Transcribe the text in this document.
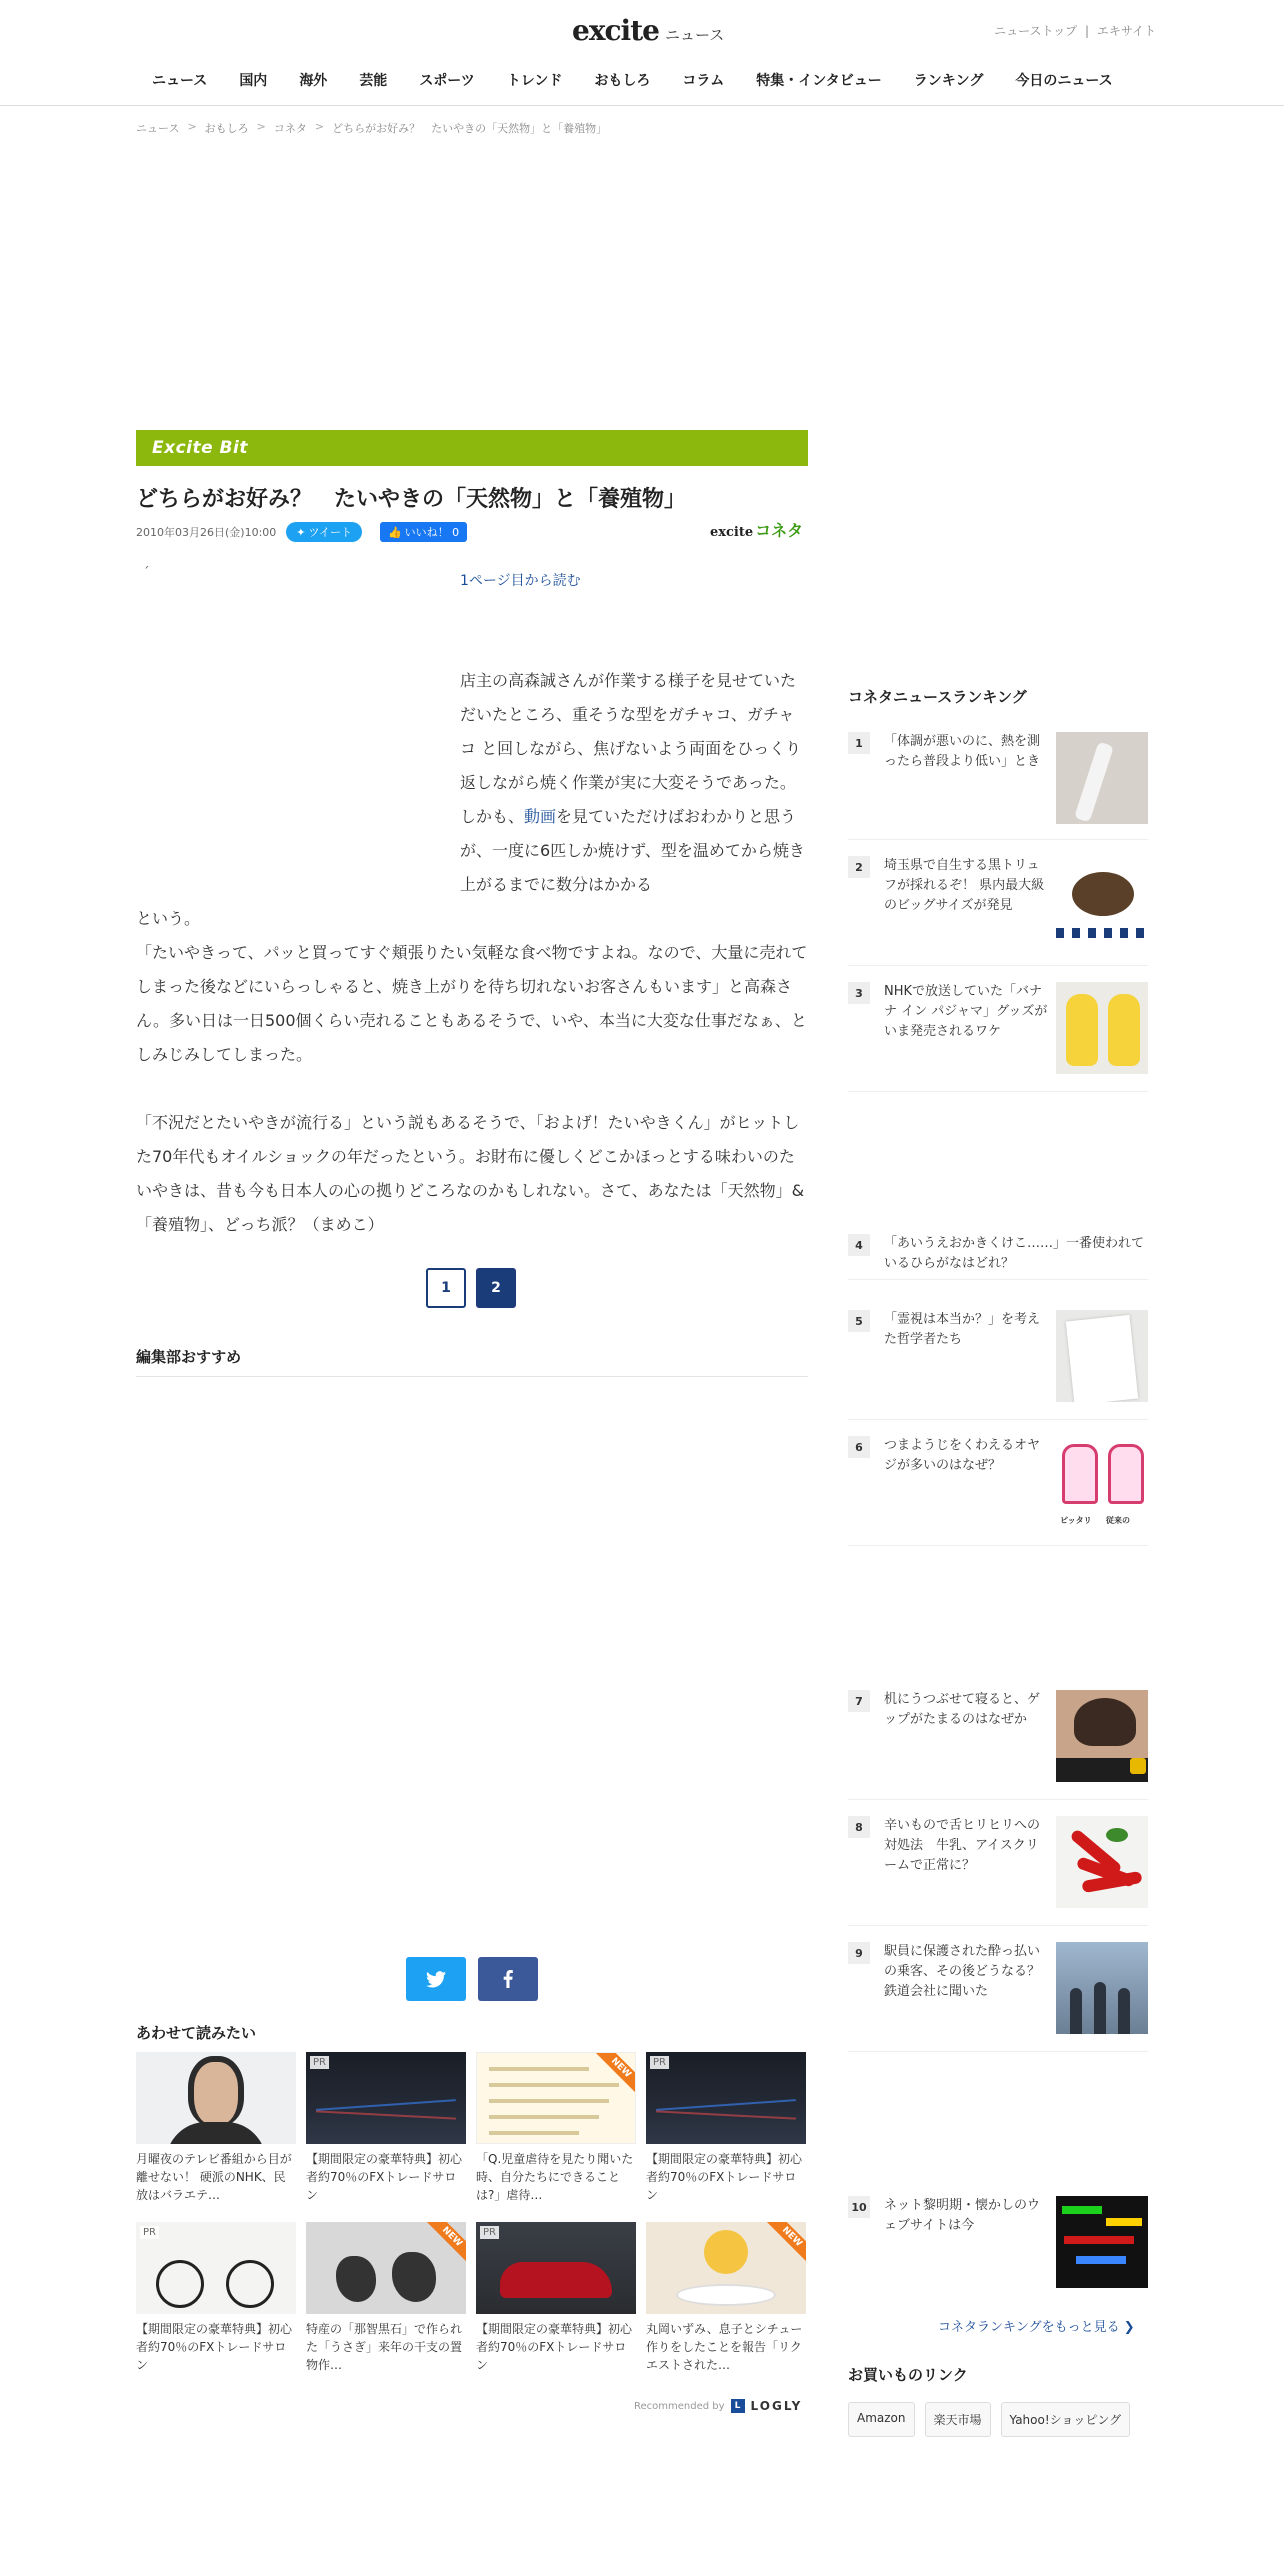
excite ニュース	ニューストップ | エキサイト
ニュース	国内	海外	芸能	スポーツ	トレンド	おもしろ	コラム	特集・インタビュー	ランキング	今日のニュース
ニュース > おもしろ > コネタ > どちらがお好み？　たいやきの「天然物」と「養殖物」
Excite Bit
どちらがお好み？　たいやきの「天然物」と「養殖物」
2010年03月26日(金)10:00 ✦ ツイート	👍 いいね！ 0	excite コネタ
´	1ページ目から読む
店主の高森誠さんが作業する様子を見せていただいたところ、重そうな型をガチャコ、ガチャコ と回しながら、焦げないよう両面をひっくり返しながら焼く作業が実に大変そうであった。しかも、動画を見ていただけばおわかりと思うが、一度に6匹しか焼けず、型を温めてから焼き上がるまでに数分はかかる

という。

「たいやきって、パッと買ってすぐ頬張りたい気軽な食べ物ですよね。なので、大量に売れてしまった後などにいらっしゃると、焼き上がりを待ち切れないお客さんもいます」と高森さん。多い日は一日500個くらい売れることもあるそうで、いや、本当に大変な仕事だなぁ、としみじみしてしまった。

「不況だとたいやきが流行る」という説もあるそうで、「およげ！たいやきくん」がヒットした70年代もオイルショックの年だったという。お財布に優しくどこかほっとする味わいのたいやきは、昔も今も日本人の心の拠りどころなのかもしれない。さて、あなたは「天然物」&「養殖物」、どっち派？（まめこ）

1	2
編集部おすすめ
あわせて読みたい
月曜夜のテレビ番組から目が離せない！ 硬派のNHK、民放はバラエテ…
PR
【期間限定の豪華特典】初心者約70％のFXトレードサロン
NEW
「Q.児童虐待を見たり聞いた時、自分たちにできることは?」虐待…
PR
【期間限定の豪華特典】初心者約70％のFXトレードサロン
PR
【期間限定の豪華特典】初心者約70％のFXトレードサロン
NEW
特産の「那智黒石」で作られた「うさぎ」来年の干支の置物作…
PR
【期間限定の豪華特典】初心者約70％のFXトレードサロン
NEW
丸岡いずみ、息子とシチュー作りをしたことを報告「リクエストされた…
Recommended by	L LOGLY
コネタニュースランキング
1	「体調が悪いのに、熱を測ったら普段より低い」とき
2	埼玉県で自生する黒トリュフが採れるぞ！ 県内最大級のビッグサイズが発見
3	NHKで放送していた「バナナ イン パジャマ」グッズがいま発売されるワケ
4	「あいうえおかきくけこ……」一番使われているひらがなはどれ？
5	「霊視は本当か？」を考えた哲学者たち
6	つまようじをくわえるオヤジが多いのはなぜ？
ピッタリ 従来の
7	机にうつぶせて寝ると、ゲップがたまるのはなぜか
8	辛いもので舌ヒリヒリへの対処法　牛乳、アイスクリームで正常に？
9	駅員に保護された酔っ払いの乗客、その後どうなる？　鉄道会社に聞いた
10 ネット黎明期・懐かしのウェブサイトは今
コネタランキングをもっと見る ❯
お買いものリンク
Amazon	楽天市場	Yahoo!ショッピング
